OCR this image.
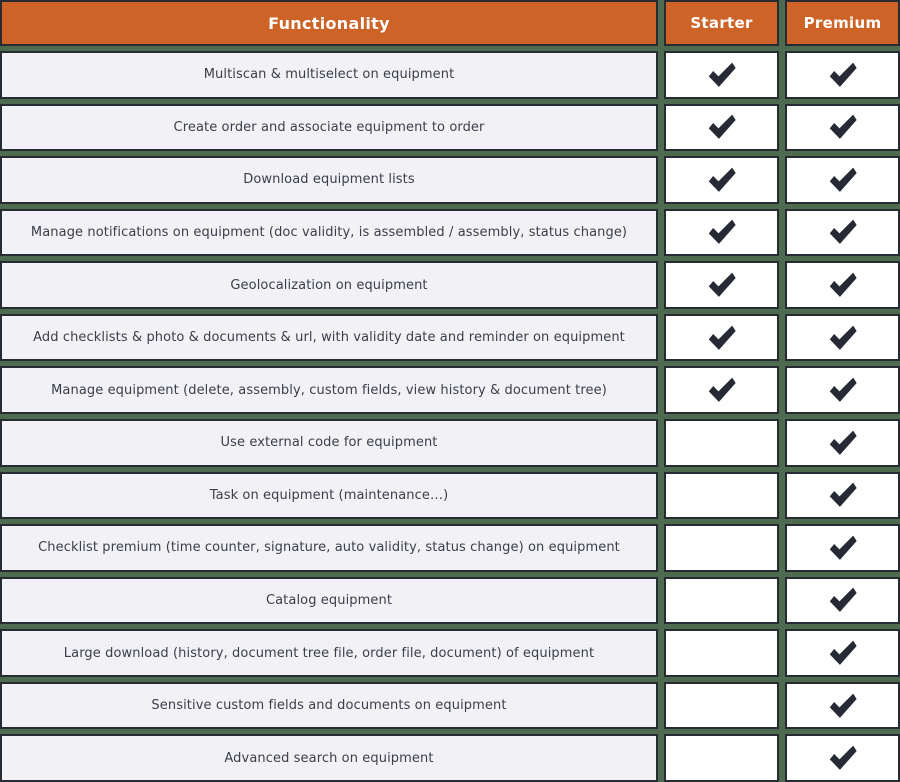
Functionality	Starter	Premium
Multiscan & multiselect on equipment
Create order and associate equipment to order
Download equipment lists
Manage notifications on equipment (doc validity, is assembled / assembly, status change)
Geolocalization on equipment
Add checklists & photo & documents & url, with validity date and reminder on equipment
Manage equipment (delete, assembly, custom fields, view history & document tree)
Use external code for equipment
Task on equipment (maintenance…)
Checklist premium (time counter, signature, auto validity, status change) on equipment
Catalog equipment
Large download (history, document tree file, order file, document) of equipment
Sensitive custom fields and documents on equipment
Advanced search on equipment
